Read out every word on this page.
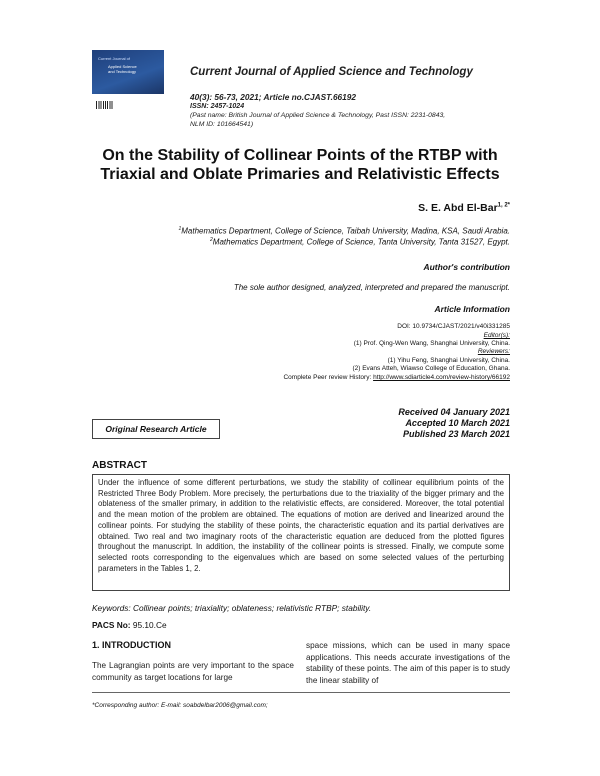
Current Journal of
Applied Science
and Technology	Current Journal of Applied Science and Technology
40(3): 56-73, 2021; Article no.CJAST.66192
ISSN: 2457-1024
(Past name: British Journal of Applied Science & Technology, Past ISSN: 2231-0843,
NLM ID: 101664541)
On the Stability of Collinear Points of the RTBP with
Triaxial and Oblate Primaries and Relativistic Effects
S. E. Abd El-Bar$^{1, 2*}$
$^1$Mathematics Department, College of Science, Taibah University, Madina, KSA, Saudi Arabia.
$^2$Mathematics Department, College of Science, Tanta University, Tanta 31527, Egypt.
Author's contribution
The sole author designed, analyzed, interpreted and prepared the manuscript.
Article Information
DOI: 10.9734/CJAST/2021/v40i331285
Editor(s):
(1) Prof. Qing-Wen Wang, Shanghai University, China.
Reviewers:
(1) Yihu Feng, Shanghai University, China.
(2) Evans Atteh, Wiawso College of Education, Ghana.
Complete Peer review History: http://www.sdiarticle4.com/review-history/66192
Original Research Article
Received 04 January 2021
Accepted 10 March 2021
Published 23 March 2021
ABSTRACT
Under the influence of some different perturbations, we study the stability of collinear equilibrium points of the Restricted Three Body Problem. More precisely, the perturbations due to the triaxiality of the bigger primary and the oblateness of the smaller primary, in addition to the relativistic effects, are considered. Moreover, the total potential and the mean motion of the problem are obtained. The equations of motion are derived and linearized around the collinear points. For studying the stability of these points, the characteristic equation and its partial derivatives are obtained. Two real and two imaginary roots of the characteristic equation are deduced from the plotted figures throughout the manuscript. In addition, the instability of the collinear points is stressed. Finally, we compute some selected roots corresponding to the eigenvalues which are based on some selected values of the perturbing parameters in the Tables 1, 2.
Keywords: Collinear points; triaxiality; oblateness; relativistic RTBP; stability.
PACS No: 95.10.Ce
1. INTRODUCTION
The Lagrangian points are very important to the space community as target locations for large
space missions, which can be used in many space applications. This needs accurate investigations of the stability of these points. The aim of this paper is to study the linear stability of
*Corresponding author: E-mail: soabdelbar2006@gmail.com;
